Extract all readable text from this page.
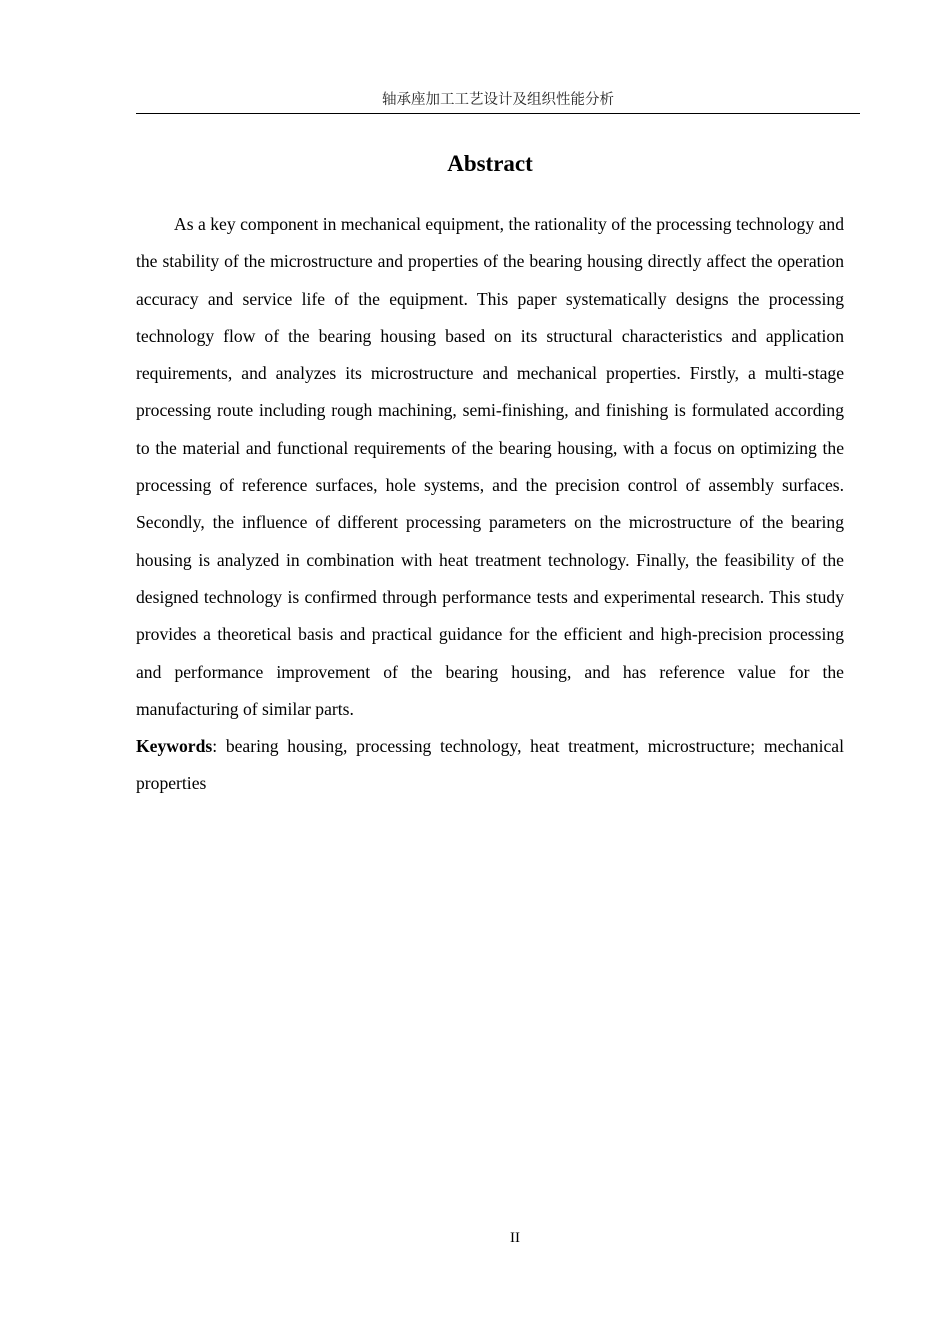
轴承座加工工艺设计及组织性能分析
Abstract

As a key component in mechanical equipment, the rationality of the processing technology and the stability of the microstructure and properties of the bearing housing directly affect the operation accuracy and service life of the equipment. This paper systematically designs the processing technology flow of the bearing housing based on its structural characteristics and application requirements, and analyzes its microstructure and mechanical properties. Firstly, a multi-stage processing route including rough machining, semi-finishing, and finishing is formulated according to the material and functional requirements of the bearing housing, with a focus on optimizing the processing of reference surfaces, hole systems, and the precision control of assembly surfaces. Secondly, the influence of different processing parameters on the microstructure of the bearing housing is analyzed in combination with heat treatment technology. Finally, the feasibility of the designed technology is confirmed through performance tests and experimental research. This study provides a theoretical basis and practical guidance for the efficient and high-precision processing and performance improvement of the bearing housing, and has reference value for the manufacturing of similar parts.

Keywords: bearing housing, processing technology, heat treatment, microstructure; mechanical properties

II
